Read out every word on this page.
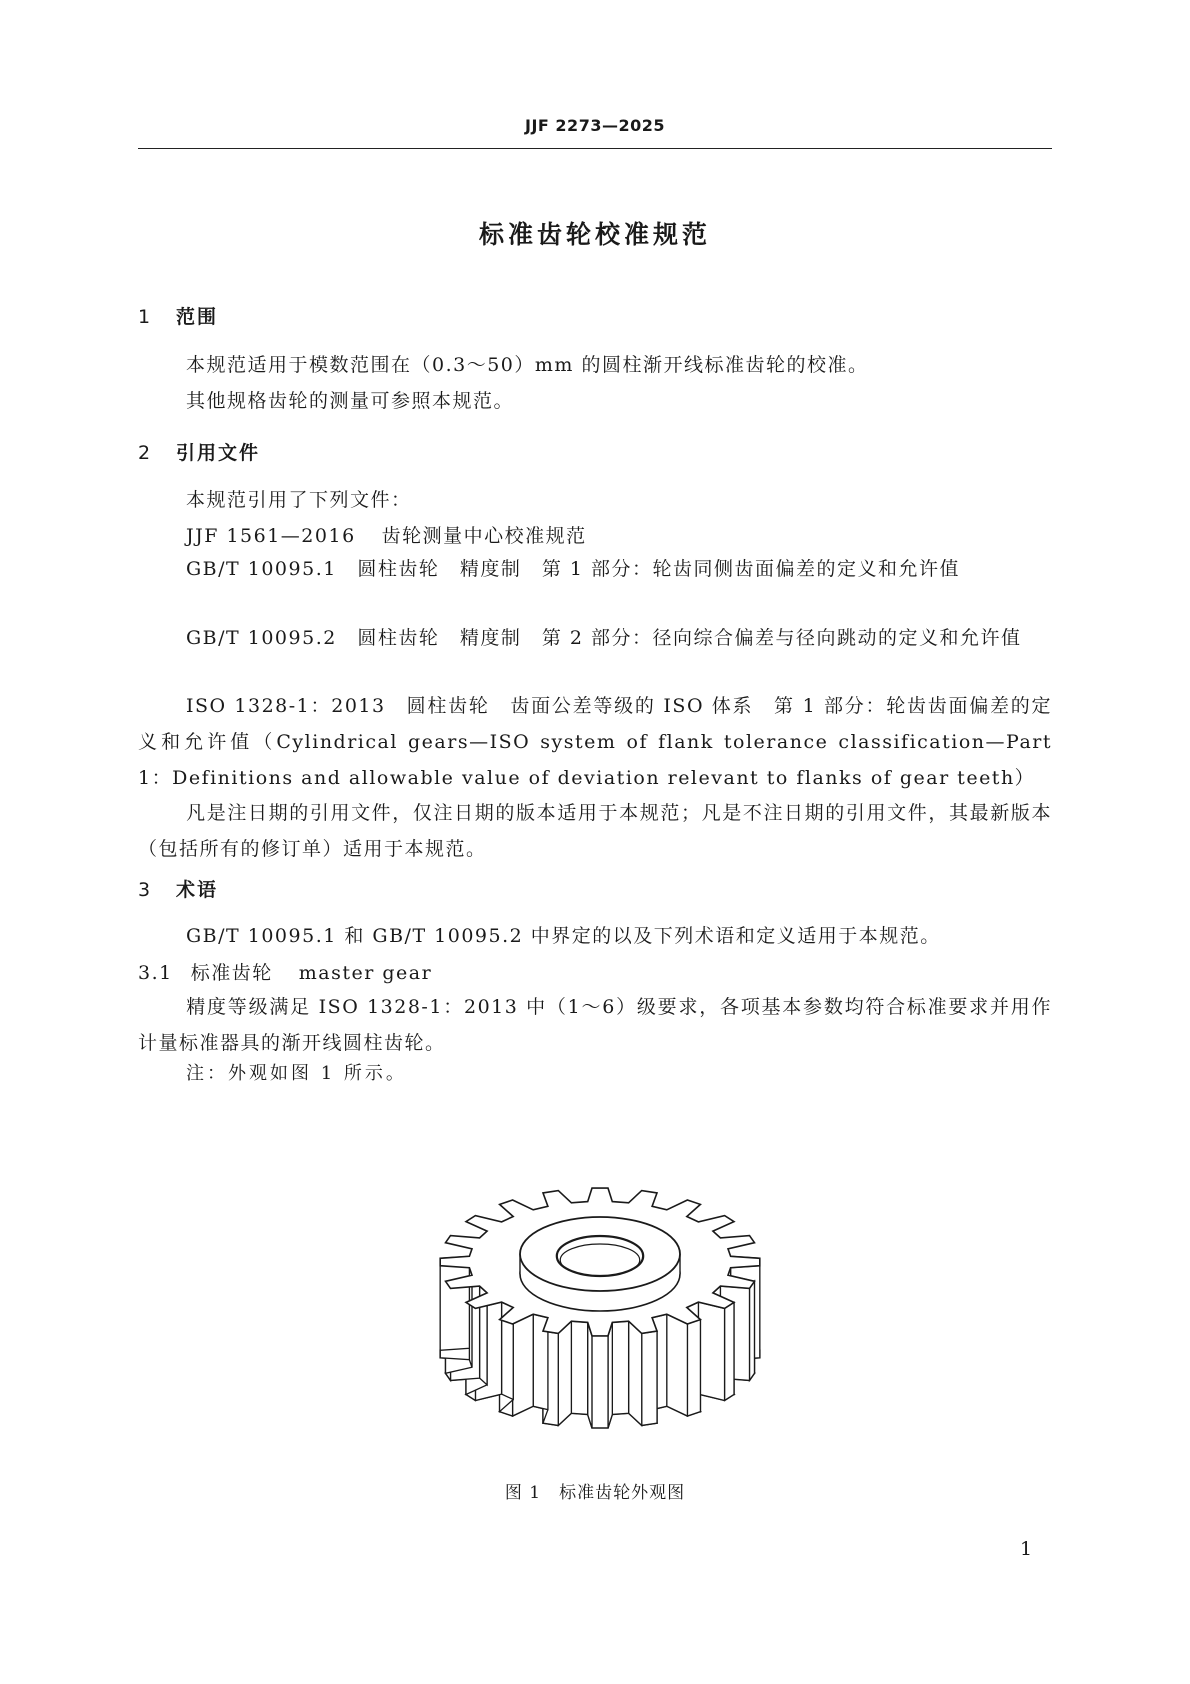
JJF 2273—2025
标准齿轮校准规范
1 范围
本规范适用于模数范围在（0.3～50）mm 的圆柱渐开线标准齿轮的校准。
其他规格齿轮的测量可参照本规范。
2 引用文件
本规范引用了下列文件：
JJF 1561—2016 齿轮测量中心校准规范
GB/T 10095.1　圆柱齿轮　精度制　第 1 部分：轮齿同侧齿面偏差的定义和允许值
GB/T 10095.2　圆柱齿轮　精度制　第 2 部分：径向综合偏差与径向跳动的定义和允许值
ISO 1328-1：2013　圆柱齿轮　齿面公差等级的 ISO 体系　第 1 部分：轮齿齿面偏差的定义和允许值（Cylindrical gears—ISO system of flank tolerance classification—Part 1：Definitions and allowable value of deviation relevant to flanks of gear teeth）
凡是注日期的引用文件，仅注日期的版本适用于本规范；凡是不注日期的引用文件，其最新版本（包括所有的修订单）适用于本规范。
3 术语
GB/T 10095.1 和 GB/T 10095.2 中界定的以及下列术语和定义适用于本规范。
3.1 标准齿轮 master gear
精度等级满足 ISO 1328-1：2013 中（1～6）级要求，各项基本参数均符合标准要求并用作计量标准器具的渐开线圆柱齿轮。
注：外观如图 1 所示。
图 1 标准齿轮外观图
1
